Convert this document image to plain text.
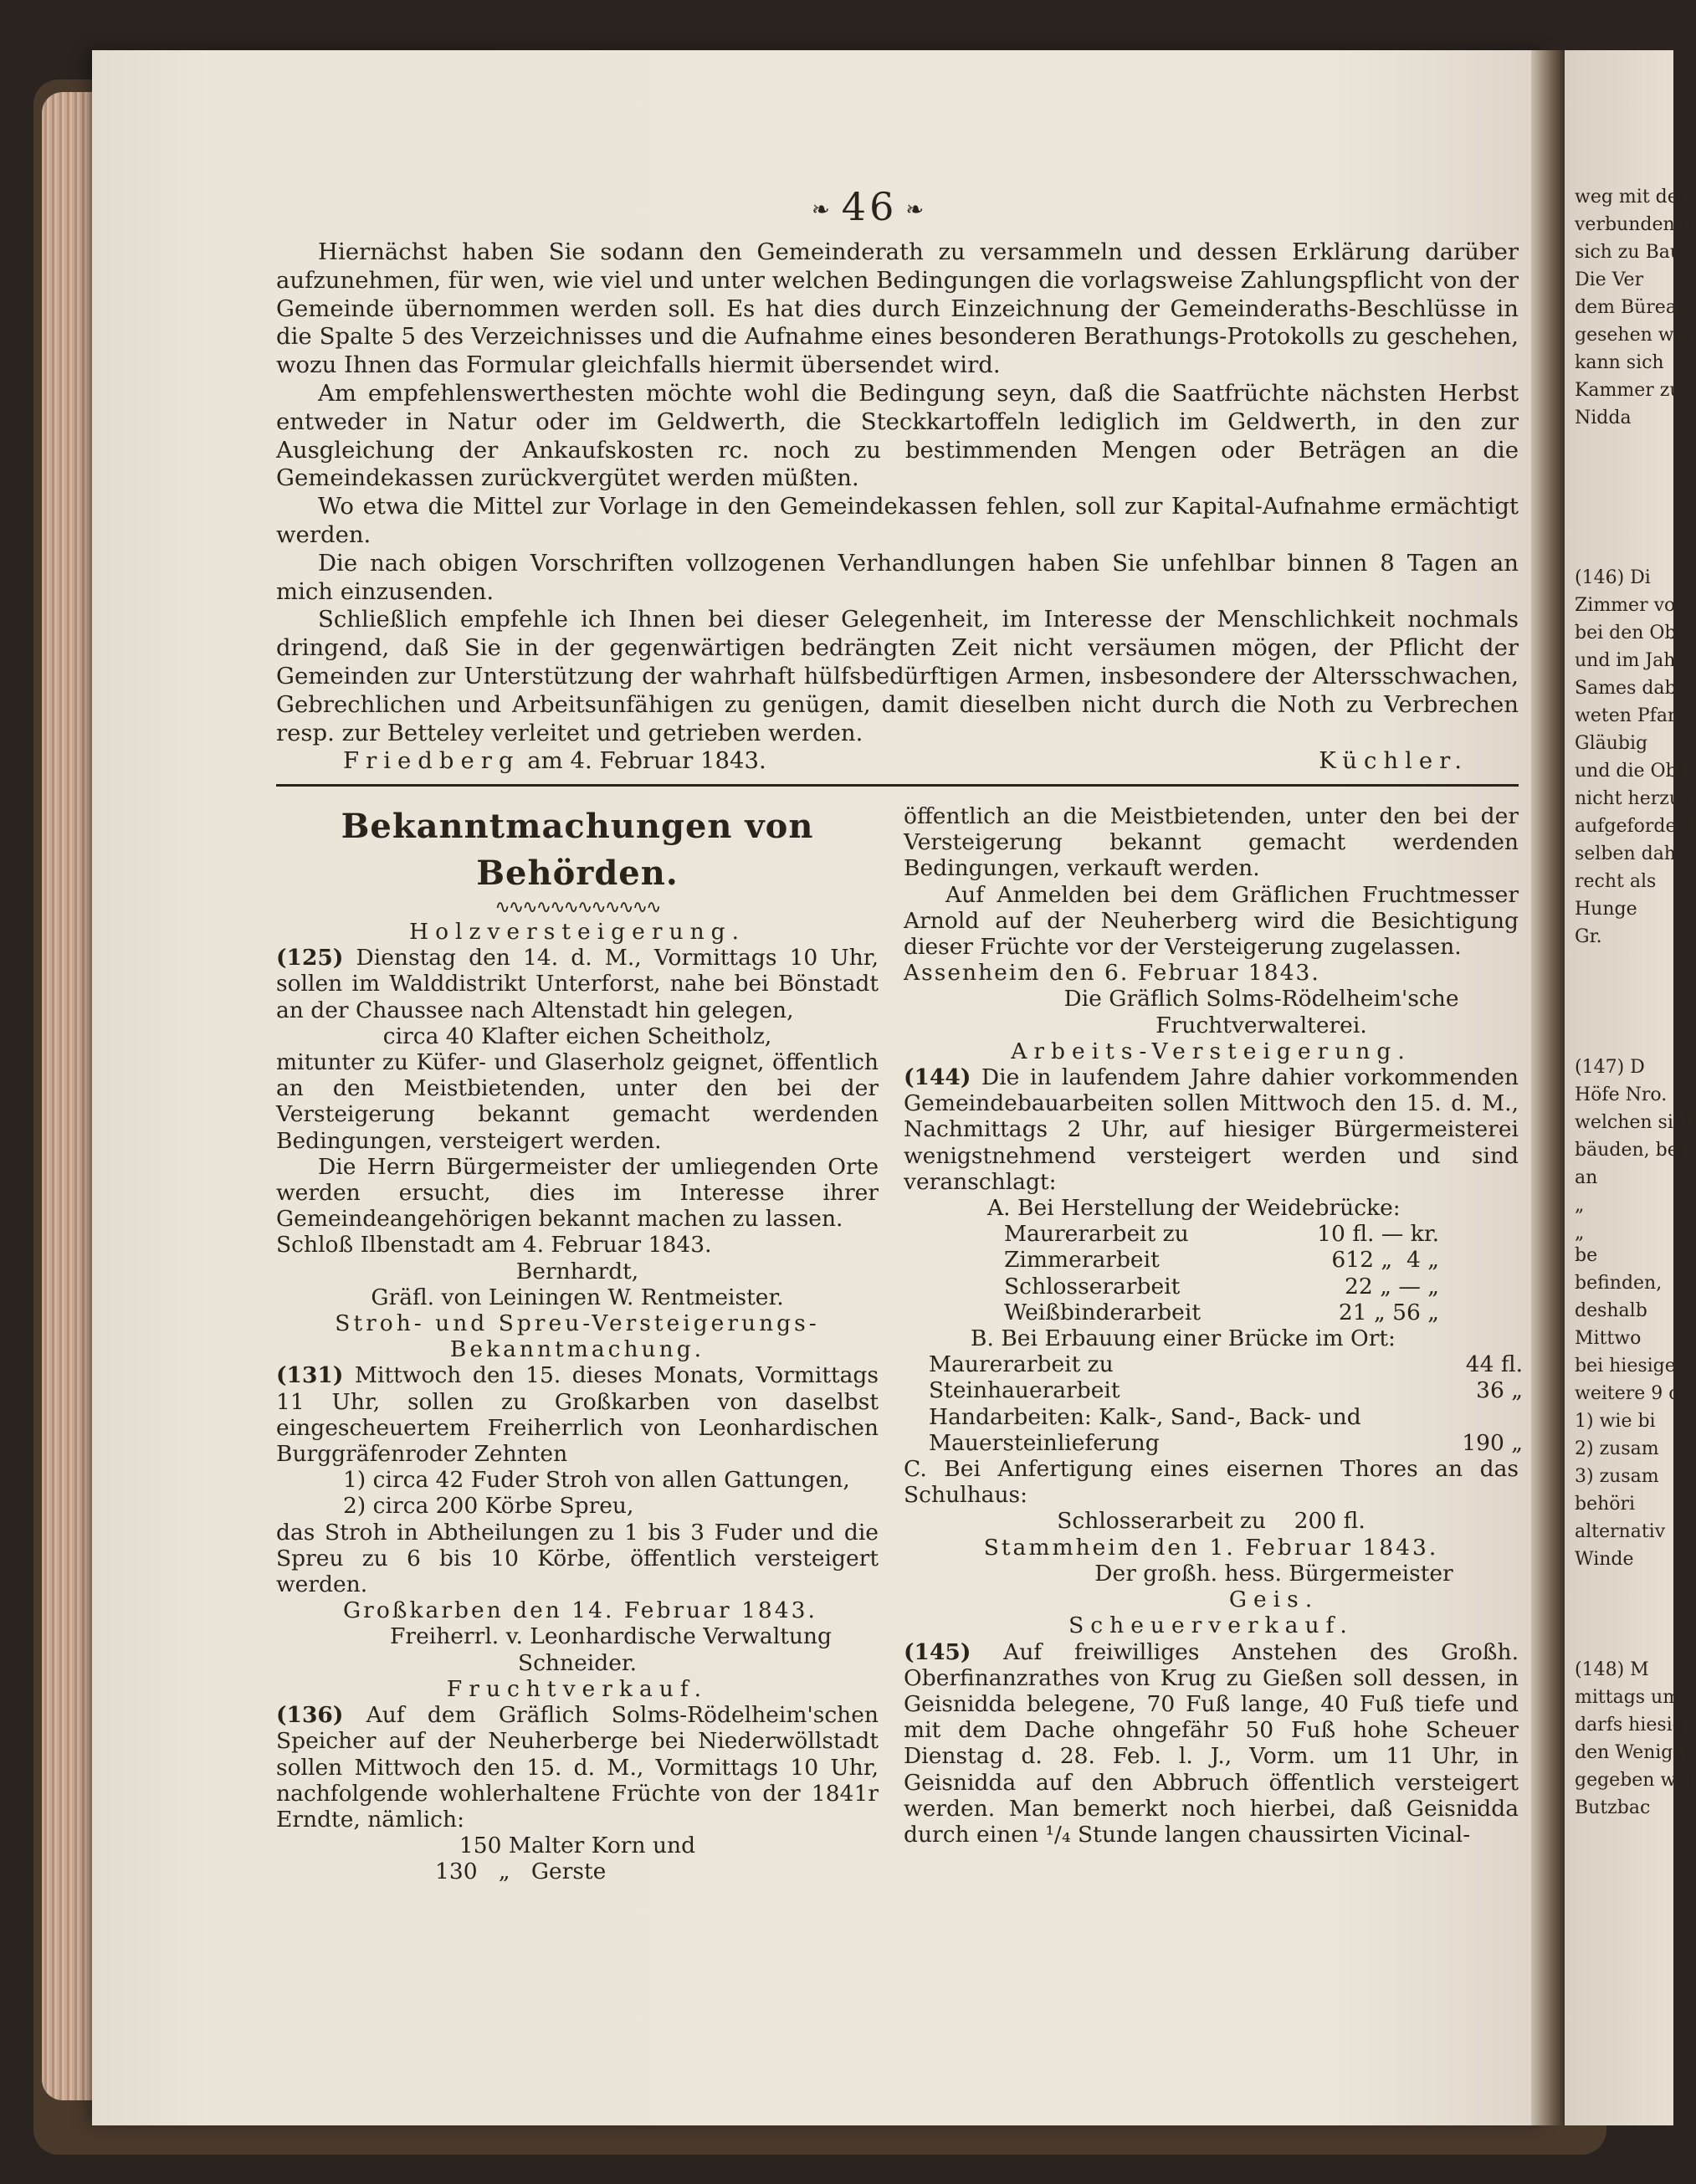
weg mit der
verbunden u
sich zu Bau
Die Ver
dem Büreau
gesehen wer
kann sich
Kammer zu
Nidda
(146) Di
Zimmer vo
bei den Ob
und im Jah
Sames dab
weten Pfarr
Gläubig
und die Obl
nicht herzus
aufgefordert
selben dah
recht als
Hunge
Gr.
(147) D
Höfe Nro.
welchen sich
bäuden, bei
an
„
„
be
befinden,
deshalb
Mittwo
bei hiesiger
weitere 9 o
1) wie bi
2) zusam
3) zusam
behöri
alternativ
Winde
(148) M
mittags um
darfs hiesig
den Wenigst
gegeben wer
Butzbac
❧ 46 ❧

Hiernächst haben Sie sodann den Gemeinderath zu versammeln und dessen Erklärung darüber aufzunehmen, für wen, wie viel und unter welchen Bedingungen die vorlagsweise Zahlungspflicht von der Gemeinde übernommen werden soll. Es hat dies durch Einzeichnung der Gemeinderaths-Beschlüsse in die Spalte 5 des Verzeichnisses und die Aufnahme eines besonderen Berathungs-Protokolls zu geschehen, wozu Ihnen das Formular gleichfalls hiermit übersendet wird.

Am empfehlenswerthesten möchte wohl die Bedingung seyn, daß die Saatfrüchte nächsten Herbst entweder in Natur oder im Geldwerth, die Steckkartoffeln lediglich im Geldwerth, in den zur Ausgleichung der Ankaufskosten rc. noch zu bestimmenden Mengen oder Beträgen an die Gemeindekassen zurückvergütet werden müßten.

Wo etwa die Mittel zur Vorlage in den Gemeindekassen fehlen, soll zur Kapital-Aufnahme ermächtigt werden.

Die nach obigen Vorschriften vollzogenen Verhandlungen haben Sie unfehlbar binnen 8 Tagen an mich einzusenden.

Schließlich empfehle ich Ihnen bei dieser Gelegenheit, im Interesse der Menschlichkeit nochmals dringend, daß Sie in der gegenwärtigen bedrängten Zeit nicht versäumen mögen, der Pflicht der Gemeinden zur Unterstützung der wahrhaft hülfsbedürftigen Armen, insbesondere der Altersschwachen, Gebrechlichen und Arbeitsunfähigen zu genügen, damit dieselben nicht durch die Noth zu Verbrechen resp. zur Betteley verleitet und getrieben werden.

Friedberg am 4. Februar 1843.	Küchler.
Bekanntmachungen von Behörden.
∿∿∿∿∿∿∿∿∿∿∿∿

Holzversteigerung.

(125) Dienstag den 14. d. M., Vormittags 10 Uhr, sollen im Walddistrikt Unterforst, nahe bei Bönstadt an der Chaussee nach Altenstadt hin gelegen,

circa 40 Klafter eichen Scheitholz,

mitunter zu Küfer- und Glaserholz geignet, öffentlich an den Meistbietenden, unter den bei der Versteigerung bekannt gemacht werdenden Bedingungen, versteigert werden.

Die Herrn Bürgermeister der umliegenden Orte werden ersucht, dies im Interesse ihrer Gemeindeangehörigen bekannt machen zu lassen.

Schloß Ilbenstadt am 4. Februar 1843.

Bernhardt,

Gräfl. von Leiningen W. Rentmeister.

Stroh- und Spreu-Versteigerungs-

Bekanntmachung.

(131) Mittwoch den 15. dieses Monats, Vormittags 11 Uhr, sollen zu Großkarben von daselbst eingescheuertem Freiherrlich von Leonhardischen Burggräfenroder Zehnten

1) circa 42 Fuder Stroh von allen Gattungen,

2) circa 200 Körbe Spreu,

das Stroh in Abtheilungen zu 1 bis 3 Fuder und die Spreu zu 6 bis 10 Körbe, öffentlich versteigert werden.

Großkarben den 14. Februar 1843.

Freiherrl. v. Leonhardische Verwaltung

Schneider.

Fruchtverkauf.

(136) Auf dem Gräflich Solms-Rödelheim'schen Speicher auf der Neuherberge bei Niederwöllstadt sollen Mittwoch den 15. d. M., Vormittags 10 Uhr, nachfolgende wohlerhaltene Früchte von der 1841r Erndte, nämlich:

150 Malter Korn und

130   „   Gerste

öffentlich an die Meistbietenden, unter den bei der Versteigerung bekannt gemacht werdenden Bedingungen, verkauft werden.

Auf Anmelden bei dem Gräflichen Fruchtmesser Arnold auf der Neuherberg wird die Besichtigung dieser Früchte vor der Versteigerung zugelassen.

Assenheim den 6. Februar 1843.

Die Gräflich Solms-Rödelheim'sche

Fruchtverwalterei.

Arbeits-Versteigerung.

(144) Die in laufendem Jahre dahier vorkommenden Gemeindebauarbeiten sollen Mittwoch den 15. d. M., Nachmittags 2 Uhr, auf hiesiger Bürgermeisterei wenigstnehmend versteigert werden und sind veranschlagt:

A. Bei Herstellung der Weidebrücke:

Maurerarbeit zu	10 fl. — kr.
Zimmerarbeit	612 „  4 „
Schlosserarbeit	22 „ — „
Weißbinderarbeit	21 „ 56 „

B. Bei Erbauung einer Brücke im Ort:

Maurerarbeit zu	44 fl.
Steinhauerarbeit	36 „
Handarbeiten: Kalk-, Sand-, Back- und	
Mauersteinlieferung	190 „

C. Bei Anfertigung eines eisernen Thores an das Schulhaus:

Schlosserarbeit zu    200 fl.

Stammheim den 1. Februar 1843.

Der großh. hess. Bürgermeister

Geis.

Scheuerverkauf.

(145) Auf freiwilliges Anstehen des Großh. Oberfinanzrathes von Krug zu Gießen soll dessen, in Geisnidda belegene, 70 Fuß lange, 40 Fuß tiefe und mit dem Dache ohngefähr 50 Fuß hohe Scheuer Dienstag d. 28. Feb. l. J., Vorm. um 11 Uhr, in Geisnidda auf den Abbruch öffentlich versteigert werden. Man bemerkt noch hierbei, daß Geisnidda durch einen ¹/₄ Stunde langen chaussirten Vicinal-
